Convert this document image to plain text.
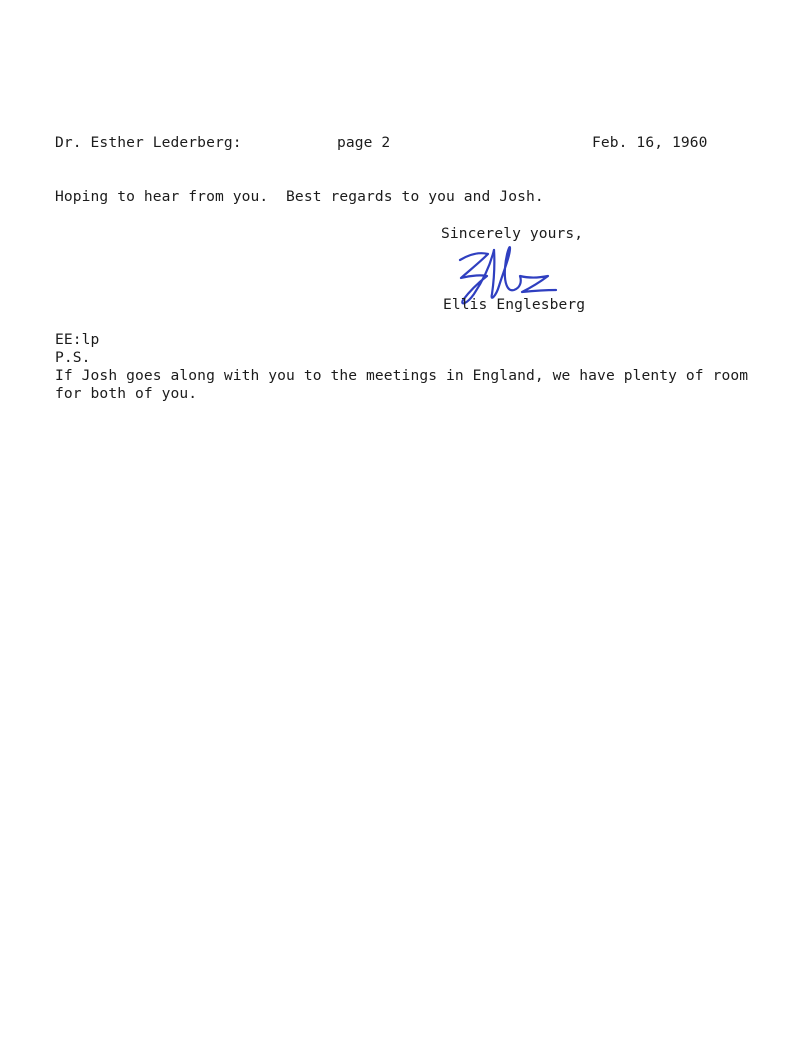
Dr. Esther Lederberg:	page 2	Feb. 16, 1960
Hoping to hear from you.  Best regards to you and Josh.
Sincerely yours,
Ellis Englesberg
EE:lp
P.S.
If Josh goes along with you to the meetings in England, we have plenty of room
for both of you.
